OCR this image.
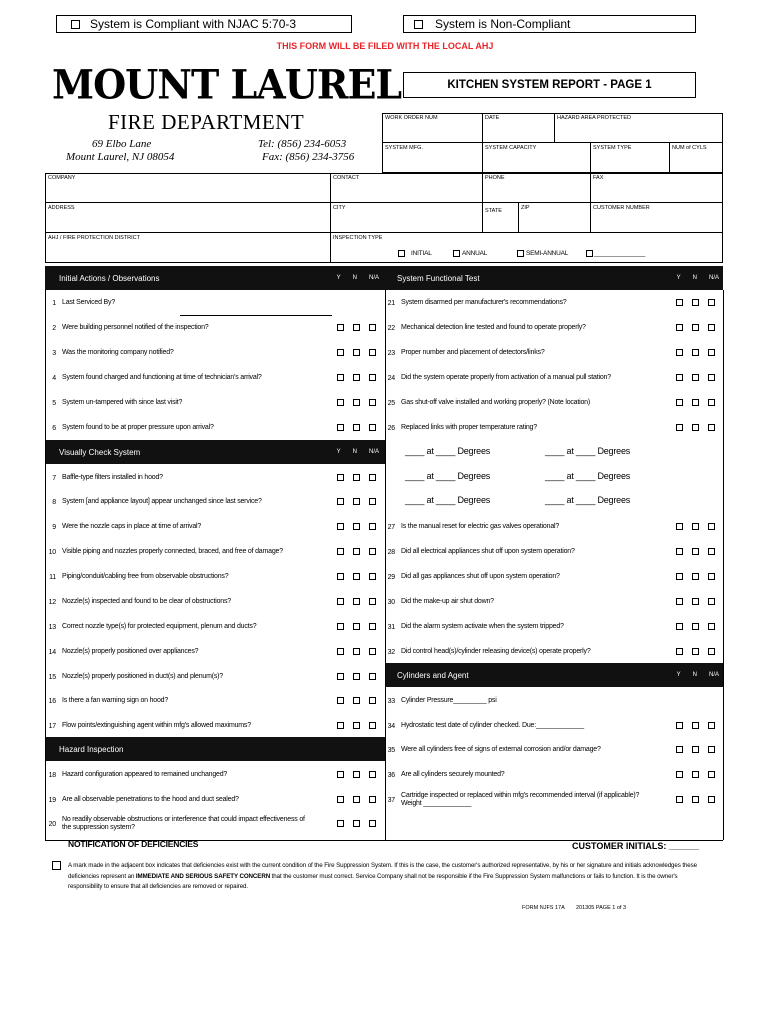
System is Compliant with NJAC 5:70-3	System is Non-Compliant
THIS FORM WILL BE FILED WITH THE LOCAL AHJ
MOUNT LAUREL
FIRE DEPARTMENT
69 Elbo Lane
Mount Laurel, NJ 08054
Tel: (856) 234-6053
Fax: (856) 234-3756
KITCHEN SYSTEM REPORT - PAGE 1
WORK ORDER NUM	DATE	HAZARD AREA PROTECTED
SYSTEM MFG.	SYSTEM CAPACITY	SYSTEM TYPE	NUM of CYLS
COMPANY	CONTACT	PHONE	FAX
ADDRESS	CITY	STATE	ZIP	CUSTOMER NUMBER
AHJ / FIRE PROTECTION DISTRICT	INSPECTION TYPE
INITIAL	ANNUAL	SEMI-ANNUAL	_______________
Initial Actions / Observations	Y N N/A System Functional Test	Y N N/A
Visually Check System	Y N N/A
Cylinders and Agent	Y N N/A
Hazard Inspection
1 Last Serviced By?
2 Were building personnel notified of the inspection?
3 Was the monitoring company notified?
4 System found charged and functioning at time of technician's arrival?
5 System un-tampered with since last visit?
6 System found to be at proper pressure upon arrival?
7 Baffle-type filters installed in hood?
8 System [and appliance layout] appear unchanged since last service?
9 Were the nozzle caps in place at time of arrival?
10 Visible piping and nozzles properly connected, braced, and free of damage?
11 Piping/conduit/cabling free from observable obstructions?
12 Nozzle(s) inspected and found to be clear of obstructions?
13 Correct nozzle type(s) for protected equipment, plenum and ducts?
14 Nozzle(s) properly positioned over appliances?
15 Nozzle(s) properly positioned in duct(s) and plenum(s)?
16 Is there a fan warning sign on hood?
17 Flow points/extinguishing agent within mfg's allowed maximums?
18 Hazard configuration appeared to remained unchanged?
19 Are all observable penetrations to the hood and duct sealed?
20
No readily observable obstructions or interference that could impact effectiveness of the suppression system?
21 System disarmed per manufacturer's recommendations?
22 Mechanical detection line tested and found to operate properly?
23 Proper number and placement of detectors/links?
24 Did the system operate properly from activation of a manual pull station?
25 Gas shut-off valve installed and working properly? (Note location)
26 Replaced links with proper temperature rating?
27 Is the manual reset for electric gas valves operational?
28 Did all electrical appliances shut off upon system operation?
29 Did all gas appliances shut off upon system operation?
30 Did the make-up air shut down?
31 Did the alarm system activate when the system tripped?
32 Did control head(s)/cylinder releasing device(s) operate properly?
33 Cylinder Pressure_________ psi
34 Hydrostatic test date of cylinder checked. Due:_____________
35 Were all cylinders free of signs of external corrosion and/or damage?
36 Are all cylinders securely mounted?
37
Cartridge inspected or replaced within mfg's recommended interval (if applicable)? Weight _____________
____ at ____ Degrees	____ at ____ Degrees
____ at ____ Degrees	____ at ____ Degrees
____ at ____ Degrees	____ at ____ Degrees
NOTIFICATION OF DEFICIENCIES	CUSTOMER INITIALS: ______
A mark made in the adjacent box indicates that deficiencies exist with the current condition of the Fire Suppression System. If this is the case, the customer's authorized representative, by his or her signature and initials acknowledges these deficiencies represent an IMMEDIATE AND SERIOUS SAFETY CONCERN that the customer must correct. Service Company shall not be responsible if the Fire Suppression System malfunctions or fails to function. It is the owner's responsibility to ensure that all deficiencies are removed or repaired.
FORM NJFS 17A 201305 PAGE 1 of 3
